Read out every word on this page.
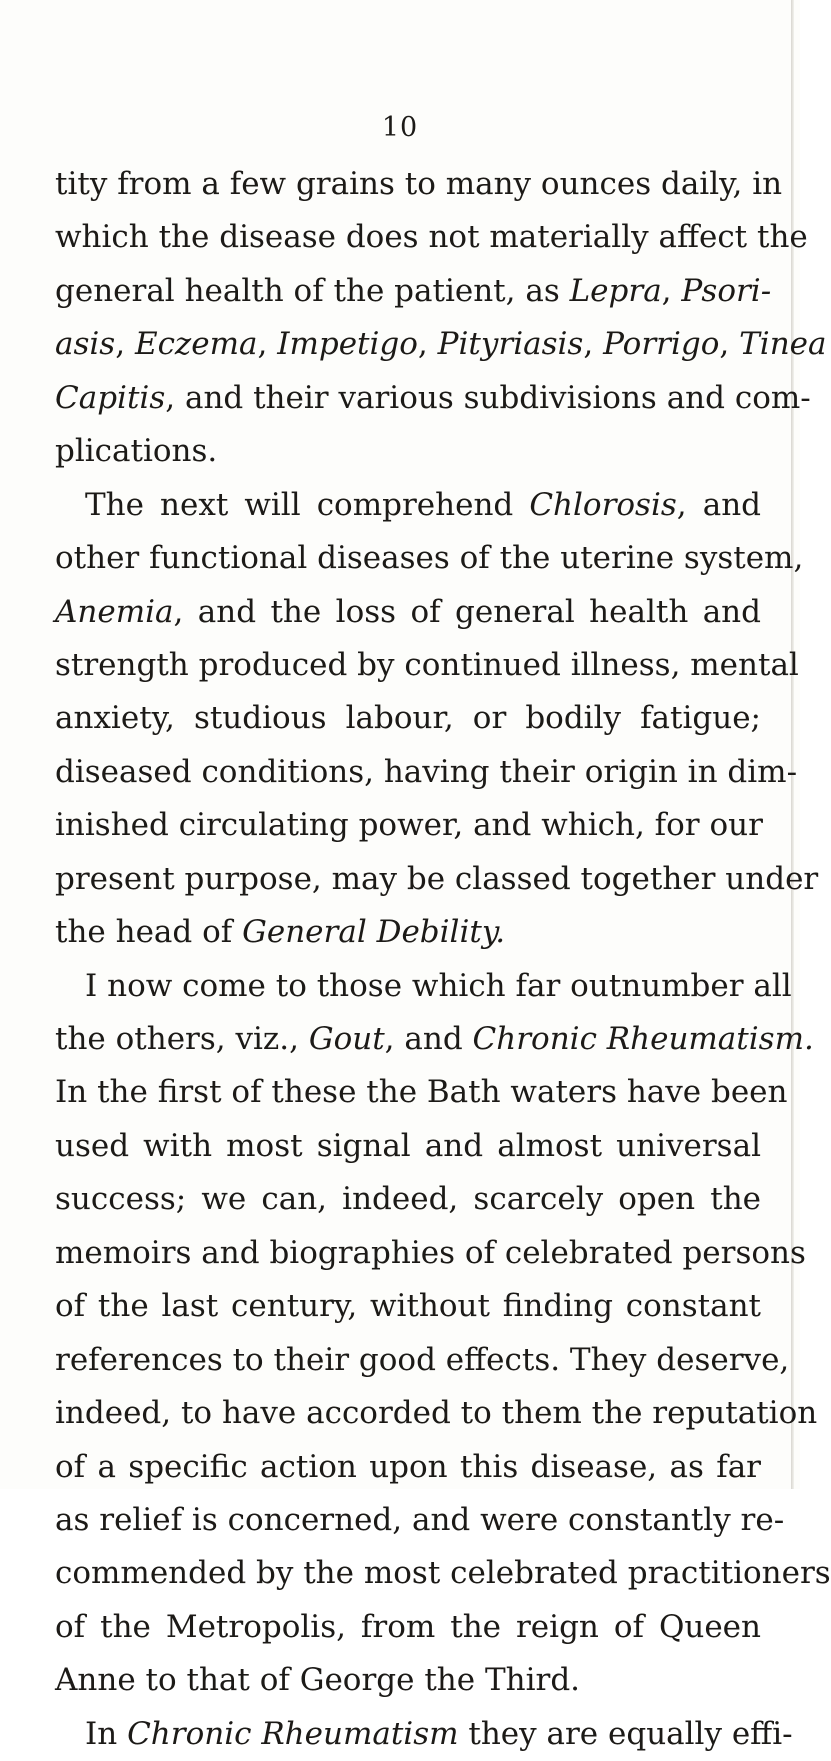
10
tity from a few grains to many ounces daily, in
which the disease does not materially affect the
general health of the patient, as Lepra, Psori-
asis, Eczema, Impetigo, Pityriasis, Porrigo, Tinea
Capitis, and their various subdivisions and com-
plications.
The next will comprehend Chlorosis, and
other functional diseases of the uterine system,
Anemia, and the loss of general health and
strength produced by continued illness, mental
anxiety, studious labour, or bodily fatigue;
diseased conditions, having their origin in dim-
inished circulating power, and which, for our
present purpose, may be classed together under
the head of General Debility.
I now come to those which far outnumber all
the others, viz., Gout, and Chronic Rheumatism.
In the first of these the Bath waters have been
used with most signal and almost universal
success; we can, indeed, scarcely open the
memoirs and biographies of celebrated persons
of the last century, without finding constant
references to their good effects. They deserve,
indeed, to have accorded to them the reputation
of a specific action upon this disease, as far
as relief is concerned, and were constantly re-
commended by the most celebrated practitioners
of the Metropolis, from the reign of Queen
Anne to that of George the Third.
In Chronic Rheumatism they are equally effi-
